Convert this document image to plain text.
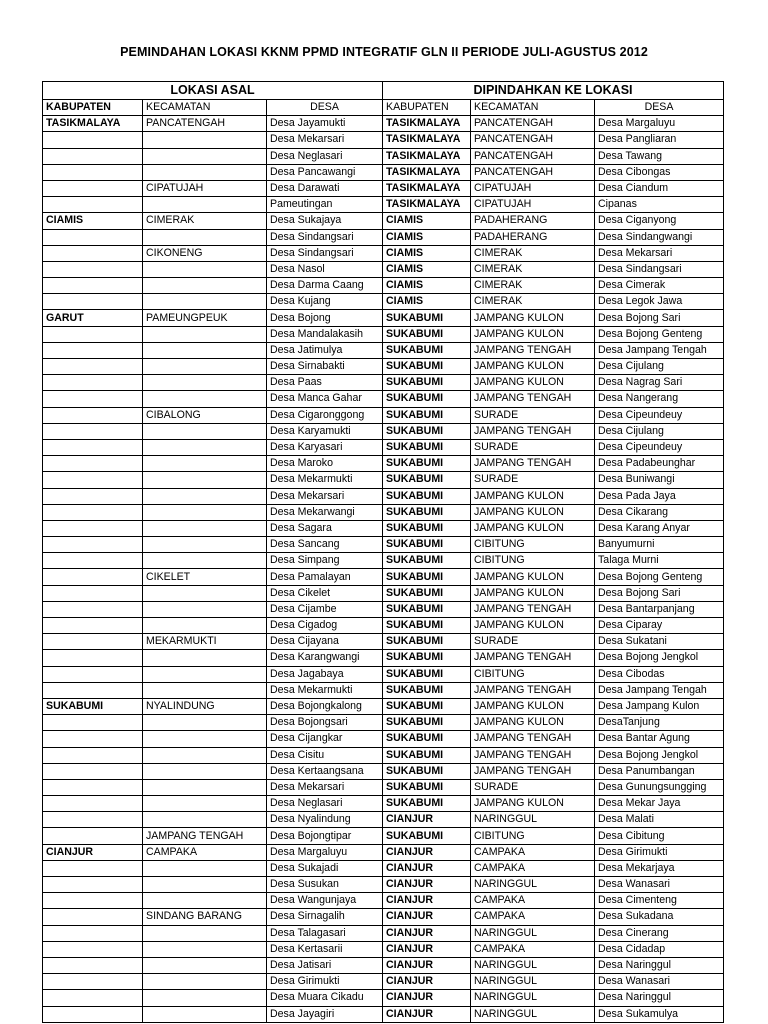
PEMINDAHAN LOKASI KKNM PPMD INTEGRATIF GLN II PERIODE JULI-AGUSTUS 2012
LOKASI ASAL			DIPINDAHKAN KE LOKASI		
KABUPATEN	KECAMATAN	DESA	KABUPATEN	KECAMATAN	DESA
TASIKMALAYA	PANCATENGAH	Desa Jayamukti	TASIKMALAYA	PANCATENGAH	Desa Margaluyu
		Desa Mekarsari	TASIKMALAYA	PANCATENGAH	Desa Pangliaran
		Desa Neglasari	TASIKMALAYA	PANCATENGAH	Desa Tawang
		Desa Pancawangi	TASIKMALAYA	PANCATENGAH	Desa Cibongas
	CIPATUJAH	Desa Darawati	TASIKMALAYA	CIPATUJAH	Desa Ciandum
		Pameutingan	TASIKMALAYA	CIPATUJAH	Cipanas
CIAMIS	CIMERAK	Desa Sukajaya	CIAMIS	PADAHERANG	Desa Ciganyong
		Desa Sindangsari	CIAMIS	PADAHERANG	Desa Sindangwangi
	CIKONENG	Desa Sindangsari	CIAMIS	CIMERAK	Desa Mekarsari
		Desa Nasol	CIAMIS	CIMERAK	Desa Sindangsari
		Desa Darma Caang	CIAMIS	CIMERAK	Desa Cimerak
		Desa Kujang	CIAMIS	CIMERAK	Desa Legok Jawa
GARUT	PAMEUNGPEUK	Desa Bojong	SUKABUMI	JAMPANG KULON	Desa Bojong Sari
		Desa Mandalakasih	SUKABUMI	JAMPANG KULON	Desa Bojong Genteng
		Desa Jatimulya	SUKABUMI	JAMPANG TENGAH	Desa Jampang Tengah
		Desa Sirnabakti	SUKABUMI	JAMPANG KULON	Desa Cijulang
		Desa Paas	SUKABUMI	JAMPANG KULON	Desa Nagrag Sari
		Desa Manca Gahar	SUKABUMI	JAMPANG TENGAH	Desa Nangerang
	CIBALONG	Desa Cigaronggong	SUKABUMI	SURADE	Desa Cipeundeuy
		Desa Karyamukti	SUKABUMI	JAMPANG TENGAH	Desa Cijulang
		Desa Karyasari	SUKABUMI	SURADE	Desa Cipeundeuy
		Desa Maroko	SUKABUMI	JAMPANG TENGAH	Desa Padabeunghar
		Desa Mekarmukti	SUKABUMI	SURADE	Desa Buniwangi
		Desa Mekarsari	SUKABUMI	JAMPANG KULON	Desa Pada Jaya
		Desa Mekarwangi	SUKABUMI	JAMPANG KULON	Desa Cikarang
		Desa Sagara	SUKABUMI	JAMPANG KULON	Desa Karang Anyar
		Desa Sancang	SUKABUMI	CIBITUNG	Banyumurni
		Desa Simpang	SUKABUMI	CIBITUNG	Talaga Murni
	CIKELET	Desa Pamalayan	SUKABUMI	JAMPANG KULON	Desa Bojong Genteng
		Desa Cikelet	SUKABUMI	JAMPANG KULON	Desa Bojong Sari
		Desa Cijambe	SUKABUMI	JAMPANG TENGAH	Desa Bantarpanjang
		Desa Cigadog	SUKABUMI	JAMPANG KULON	Desa Ciparay
	MEKARMUKTI	Desa Cijayana	SUKABUMI	SURADE	Desa Sukatani
		Desa Karangwangi	SUKABUMI	JAMPANG TENGAH	Desa Bojong Jengkol
		Desa Jagabaya	SUKABUMI	CIBITUNG	Desa Cibodas
		Desa Mekarmukti	SUKABUMI	JAMPANG TENGAH	Desa Jampang Tengah
SUKABUMI	NYALINDUNG	Desa Bojongkalong	SUKABUMI	JAMPANG KULON	Desa Jampang Kulon
		Desa Bojongsari	SUKABUMI	JAMPANG KULON	DesaTanjung
		Desa Cijangkar	SUKABUMI	JAMPANG TENGAH	Desa Bantar Agung
		Desa Cisitu	SUKABUMI	JAMPANG TENGAH	Desa Bojong Jengkol
		Desa Kertaangsana	SUKABUMI	JAMPANG TENGAH	Desa Panumbangan
		Desa Mekarsari	SUKABUMI	SURADE	Desa Gunungsungging
		Desa Neglasari	SUKABUMI	JAMPANG KULON	Desa Mekar Jaya
		Desa Nyalindung	CIANJUR	NARINGGUL	Desa Malati
	JAMPANG TENGAH	Desa Bojongtipar	SUKABUMI	CIBITUNG	Desa Cibitung
CIANJUR	CAMPAKA	Desa Margaluyu	CIANJUR	CAMPAKA	Desa Girimukti
		Desa Sukajadi	CIANJUR	CAMPAKA	Desa Mekarjaya
		Desa Susukan	CIANJUR	NARINGGUL	Desa Wanasari
		Desa Wangunjaya	CIANJUR	CAMPAKA	Desa Cimenteng
	SINDANG BARANG	Desa Sirnagalih	CIANJUR	CAMPAKA	Desa Sukadana
		Desa Talagasari	CIANJUR	NARINGGUL	Desa Cinerang
		Desa Kertasarii	CIANJUR	CAMPAKA	Desa Cidadap
		Desa Jatisari	CIANJUR	NARINGGUL	Desa Naringgul
		Desa Girimukti	CIANJUR	NARINGGUL	Desa Wanasari
		Desa Muara Cikadu	CIANJUR	NARINGGUL	Desa Naringgul
		Desa Jayagiri	CIANJUR	NARINGGUL	Desa Sukamulya
